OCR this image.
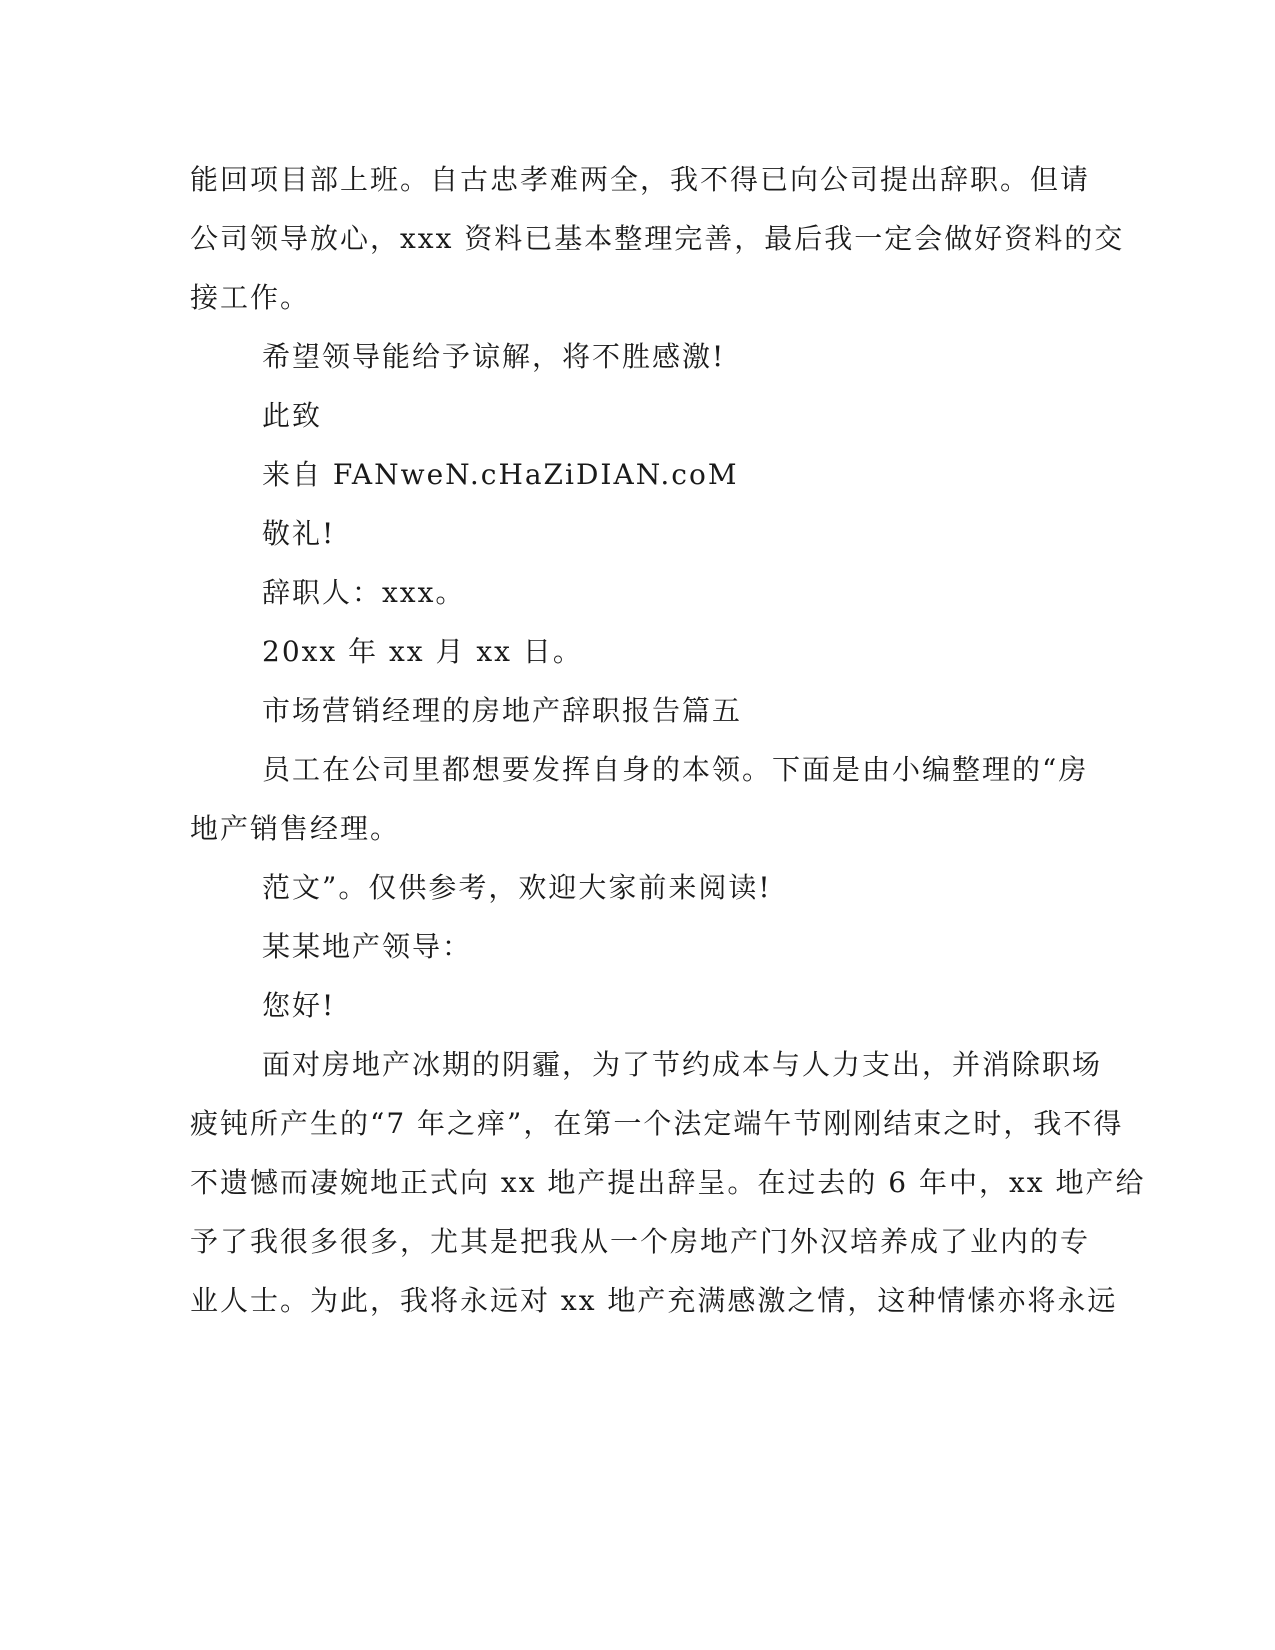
能回项目部上班。自古忠孝难两全，我不得已向公司提出辞职。但请
公司领导放心，xxx 资料已基本整理完善，最后我一定会做好资料的交
接工作。
希望领导能给予谅解，将不胜感激!
此致
来自 FANweN.cHaZiDIAN.coM
敬礼!
辞职人：xxx。
20xx 年 xx 月 xx 日。
市场营销经理的房地产辞职报告篇五
员工在公司里都想要发挥自身的本领。下面是由小编整理的“房
地产销售经理。
范文”。仅供参考，欢迎大家前来阅读!
某某地产领导：
您好!
面对房地产冰期的阴霾，为了节约成本与人力支出，并消除职场
疲钝所产生的“7 年之痒”，在第一个法定端午节刚刚结束之时，我不得
不遗憾而凄婉地正式向 xx 地产提出辞呈。在过去的 6 年中，xx 地产给
予了我很多很多，尤其是把我从一个房地产门外汉培养成了业内的专
业人士。为此，我将永远对 xx 地产充满感激之情，这种情愫亦将永远
